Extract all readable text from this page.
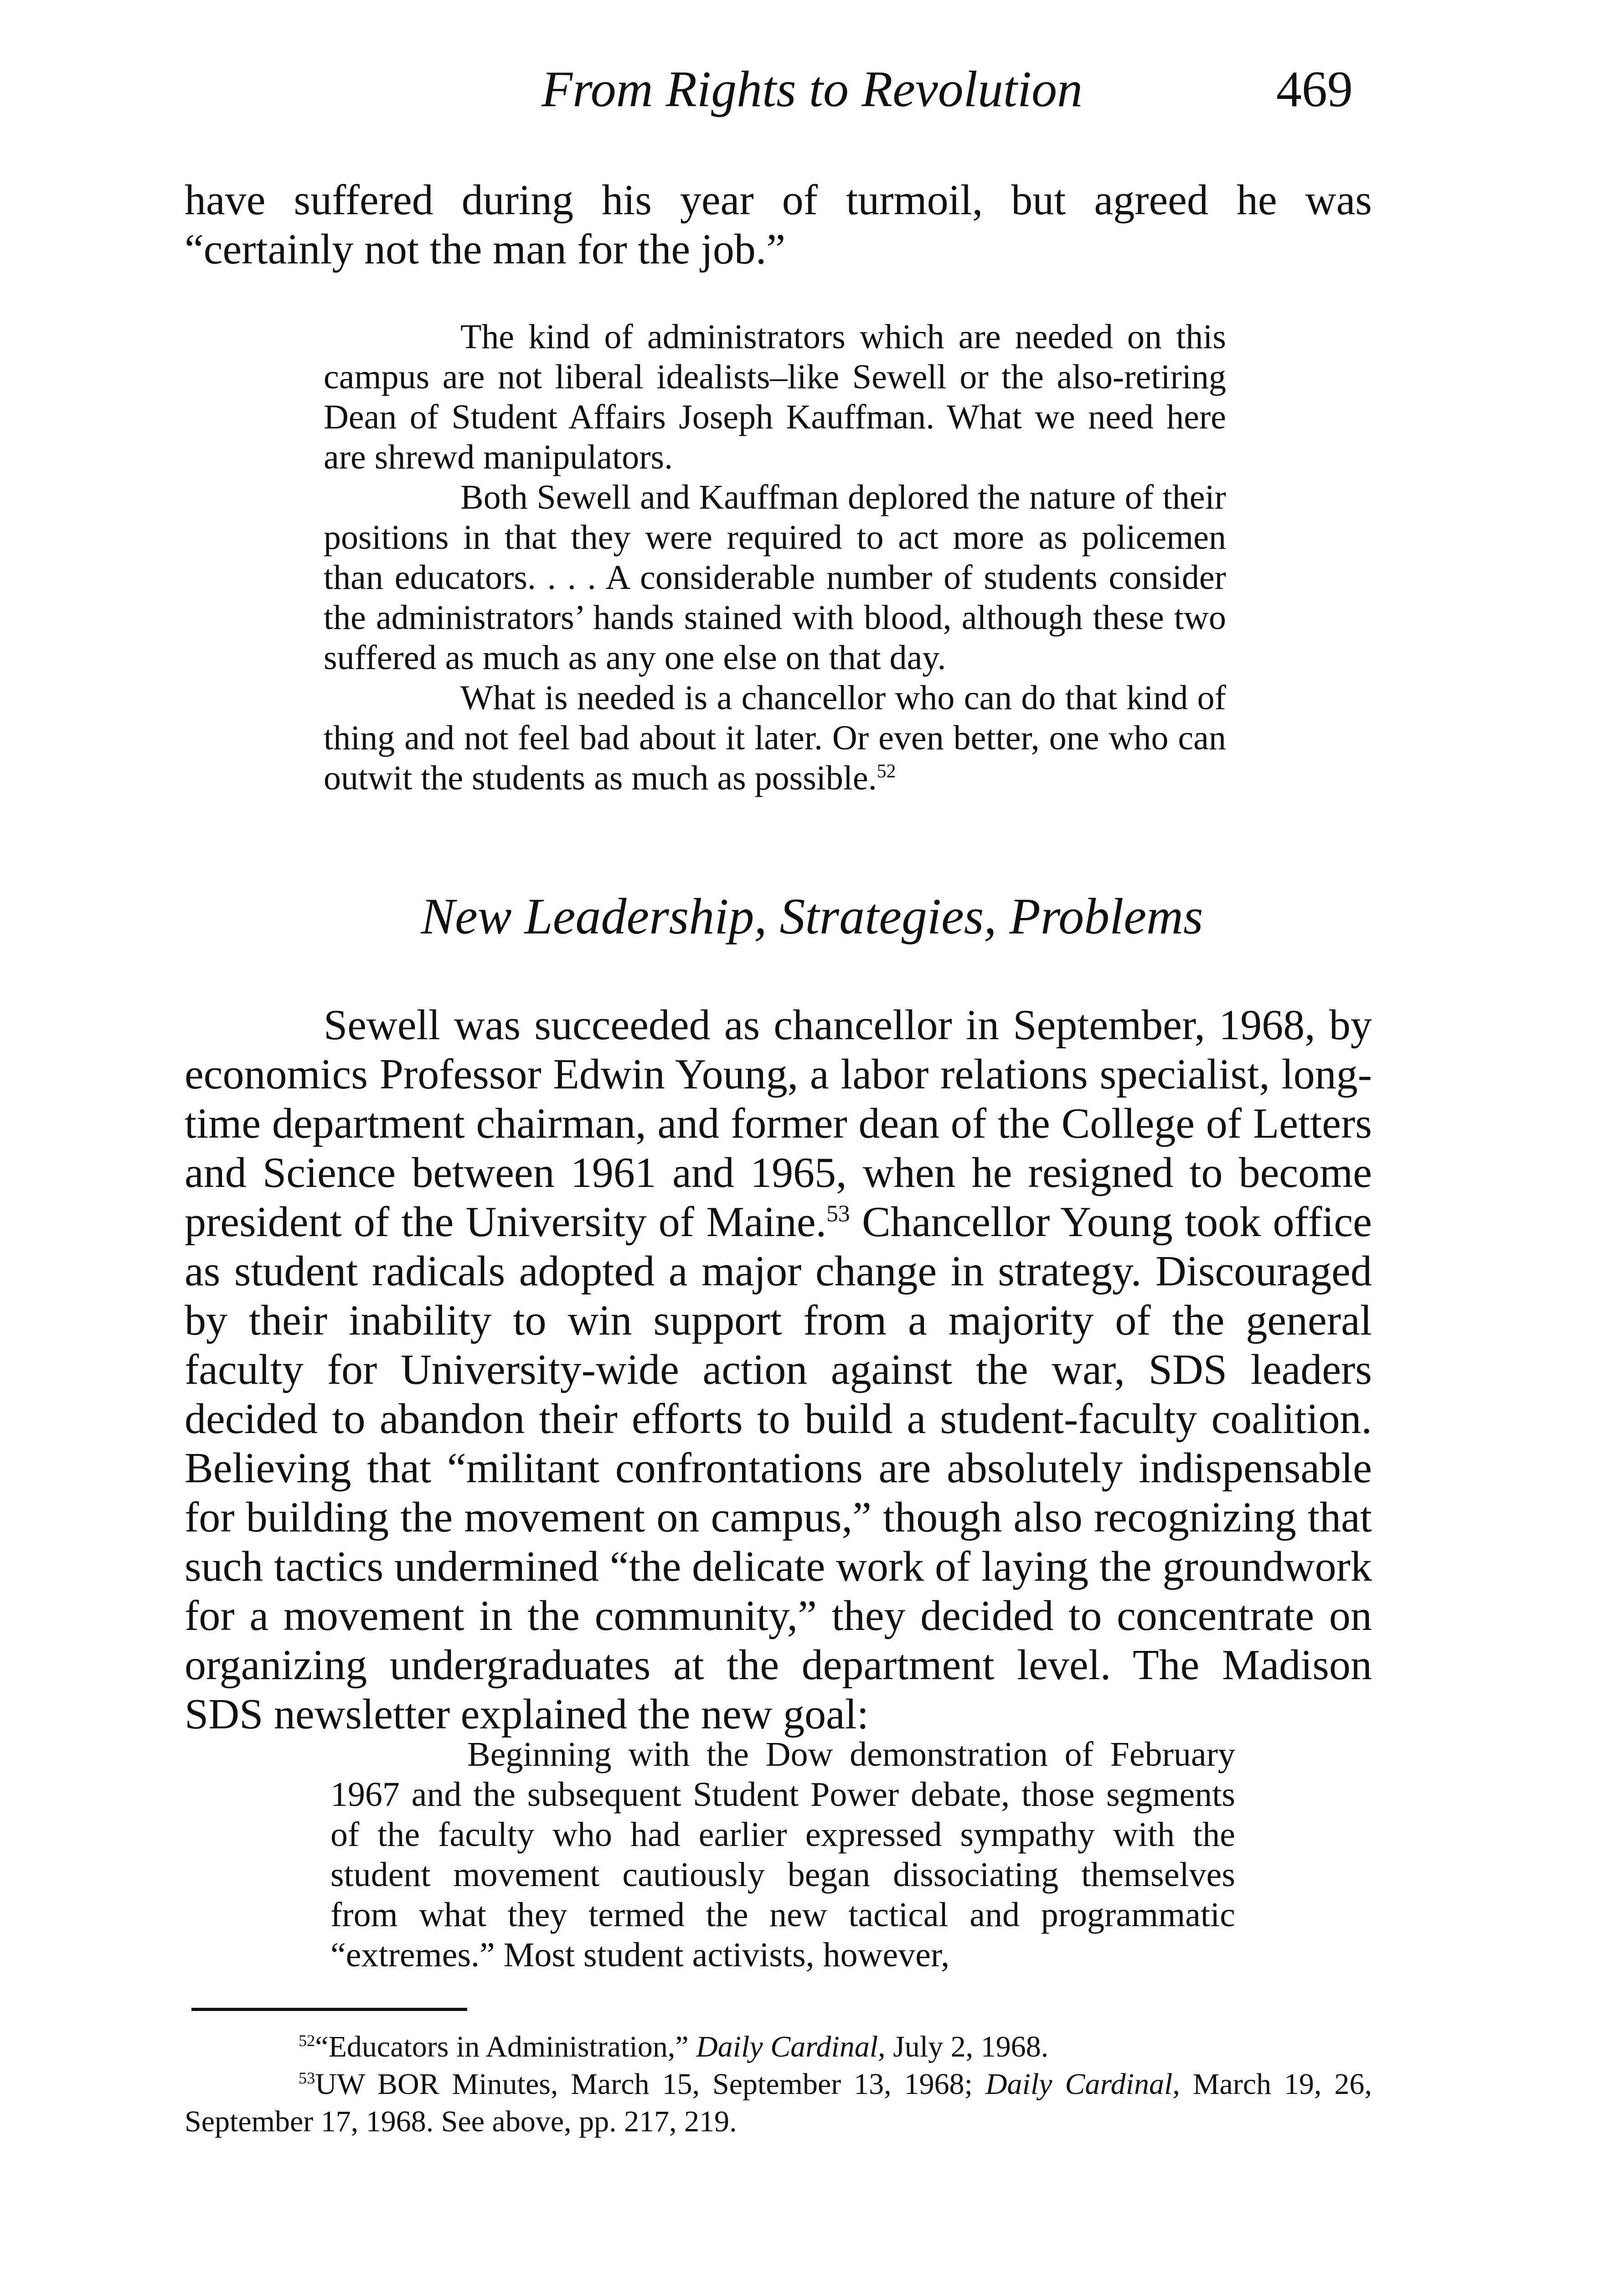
From Rights to Revolution	469

have suffered during his year of turmoil, but agreed he was “certainly not the man for the job.”

The kind of administrators which are needed on this campus are not liberal idealists–like Sewell or the also-retiring Dean of Student Affairs Joseph Kauffman. What we need here are shrewd manipulators.

Both Sewell and Kauffman deplored the nature of their positions in that they were required to act more as policemen than educators. . . . A considerable number of students consider the administrators’ hands stained with blood, although these two suffered as much as any one else on that day.

What is needed is a chancellor who can do that kind of thing and not feel bad about it later. Or even better, one who can outwit the students as much as possible.$^{52}$

New Leadership, Strategies, Problems

Sewell was succeeded as chancellor in September, 1968, by economics Professor Edwin Young, a labor relations specialist, long-time department chairman, and former dean of the College of Letters and Science between 1961 and 1965, when he resigned to become president of the University of Maine.$^{53}$ Chancellor Young took office as student radicals adopted a major change in strategy. Discouraged by their inability to win support from a majority of the general faculty for University-wide action against the war, SDS leaders decided to abandon their efforts to build a student-faculty coalition. Believing that “militant confrontations are absolutely indispensable for building the movement on campus,” though also recognizing that such tactics undermined “the delicate work of laying the groundwork for a movement in the community,” they decided to concentrate on organizing undergraduates at the department level. The Madison SDS newsletter explained the new goal:

Beginning with the Dow demonstration of February 1967 and the subsequent Student Power debate, those segments of the faculty who had earlier expressed sympathy with the student movement cautiously began dissociating themselves from what they termed the new tactical and programmatic “extremes.” Most student activists, however,

$^{52}$“Educators in Administration,” Daily Cardinal, July 2, 1968.

$^{53}$UW BOR Minutes, March 15, September 13, 1968; Daily Cardinal, March 19, 26, September 17, 1968. See above, pp. 217, 219.
